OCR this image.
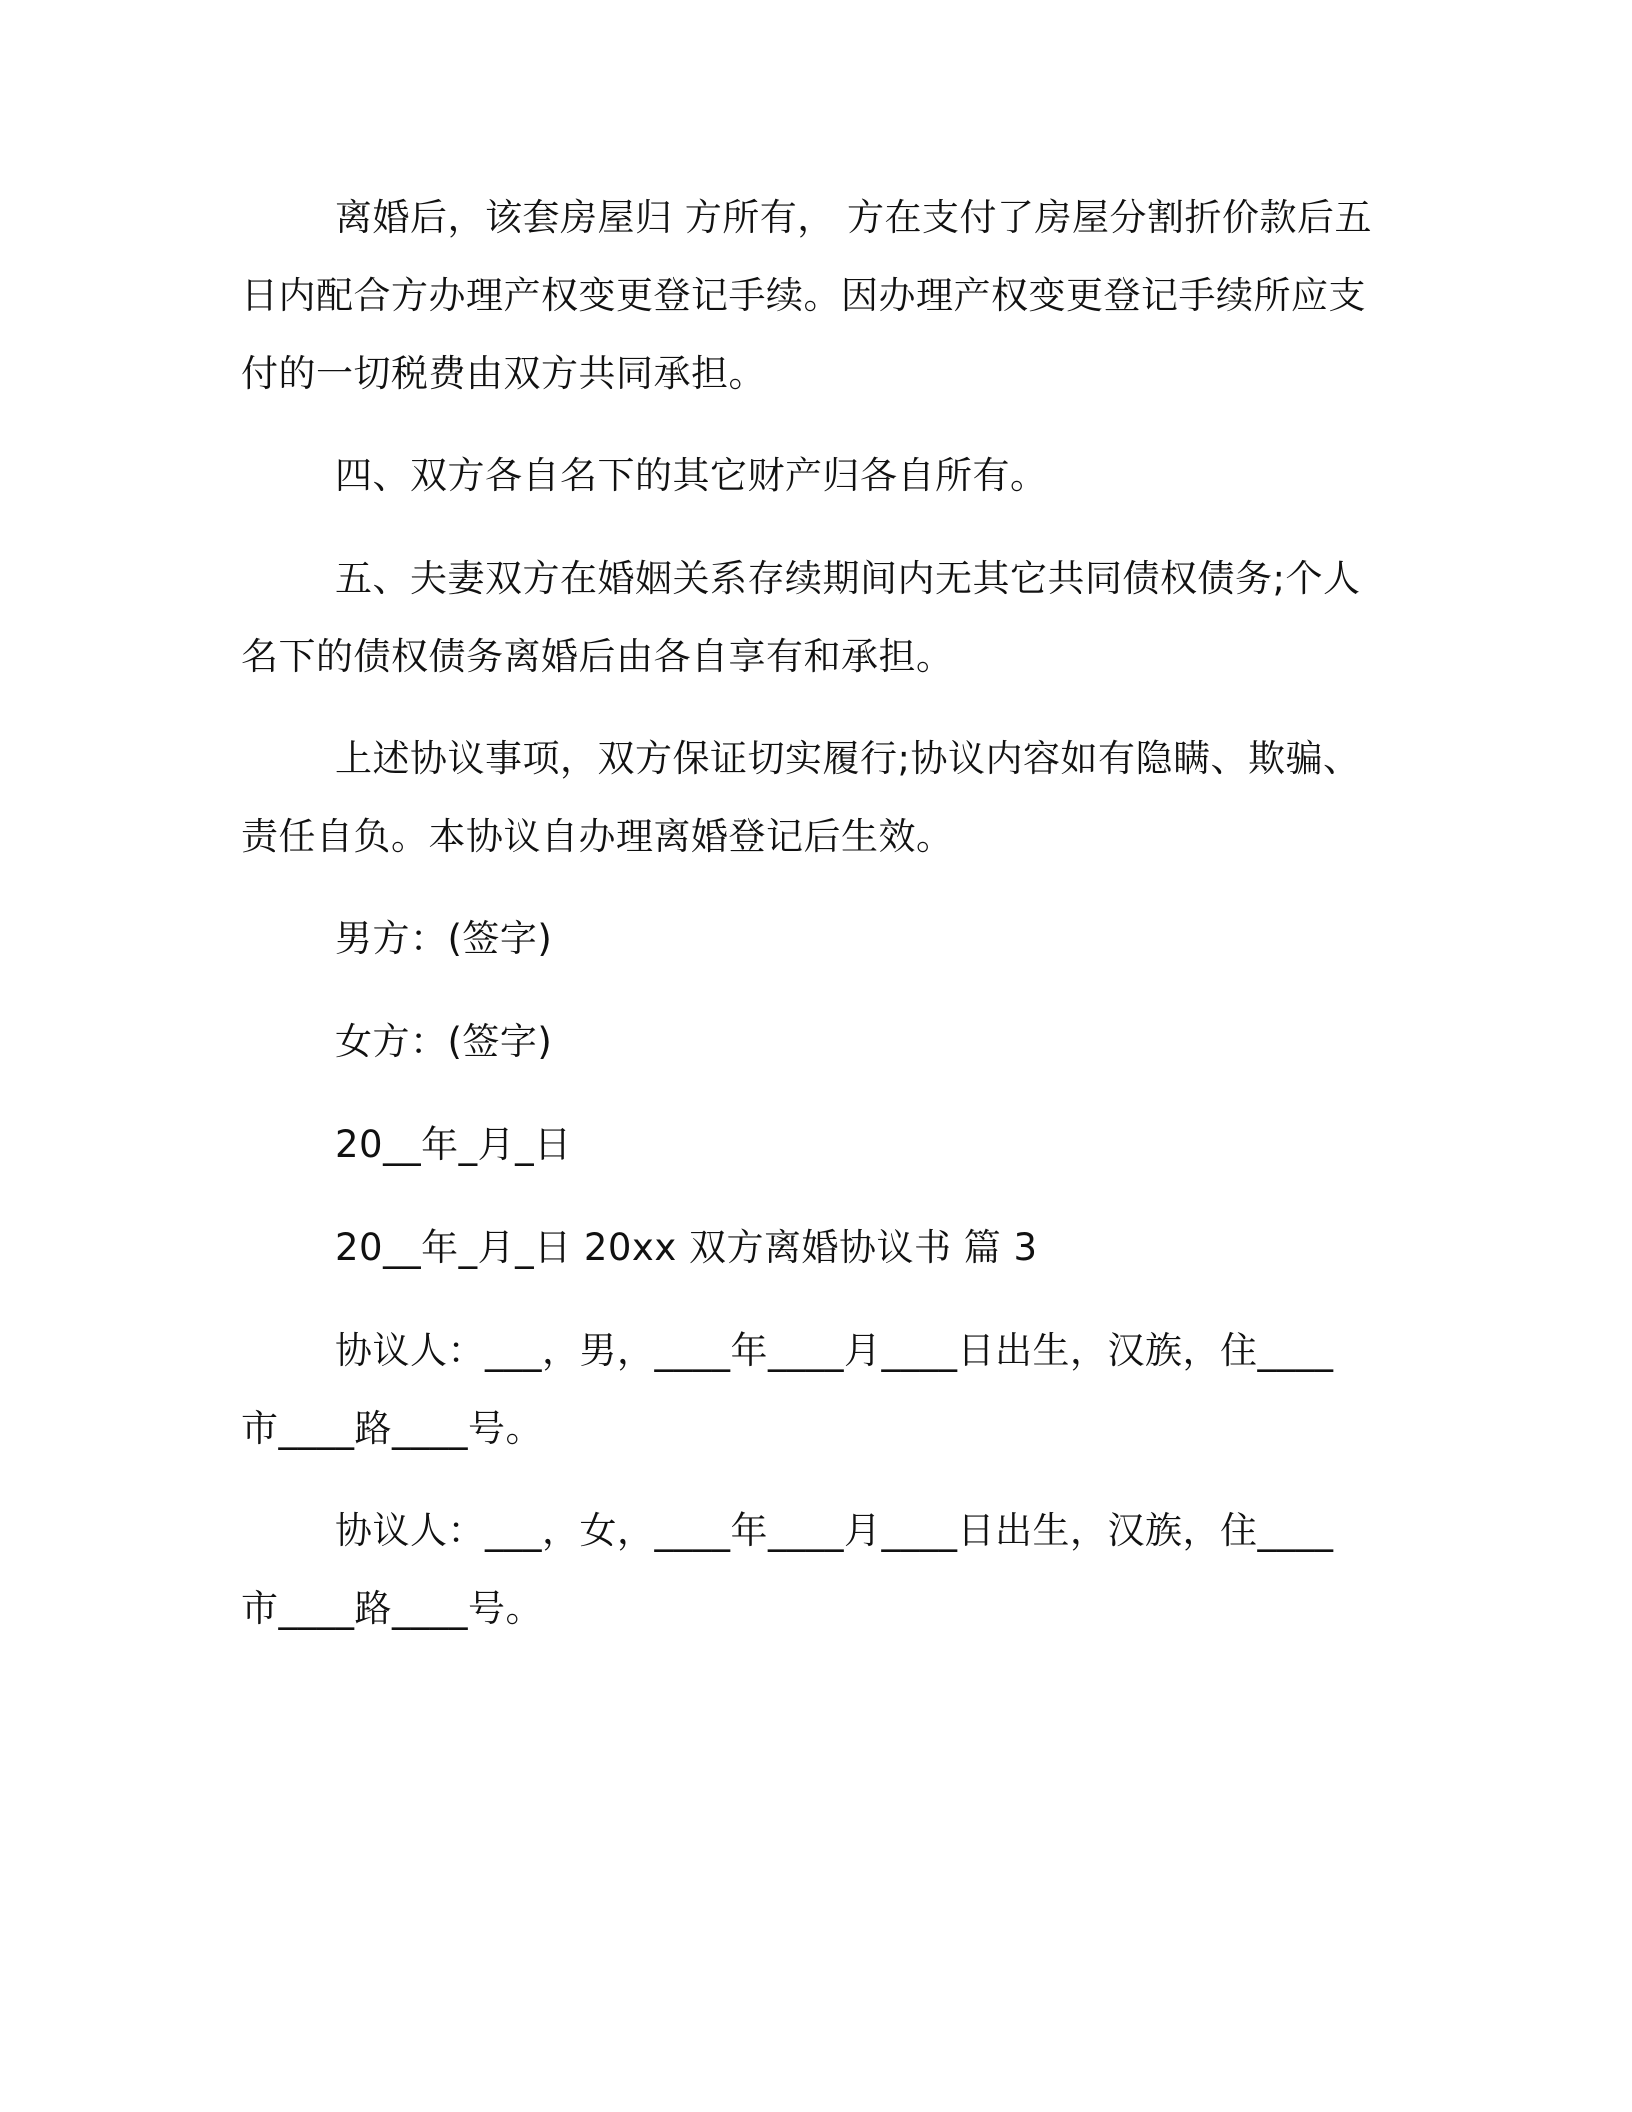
离婚后，该套房屋归 方所有， 方在支付了房屋分割折价款后五
日内配合方办理产权变更登记手续。因办理产权变更登记手续所应支
付的一切税费由双方共同承担。
四、双方各自名下的其它财产归各自所有。
五、夫妻双方在婚姻关系存续期间内无其它共同债权债务;个人
名下的债权债务离婚后由各自享有和承担。
上述协议事项，双方保证切实履行;协议内容如有隐瞒、欺骗、
责任自负。本协议自办理离婚登记后生效。
男方：(签字)
女方：(签字)
20__年_月_日
20__年_月_日 20xx 双方离婚协议书 篇 3
协议人：___，男，____年____月____日出生，汉族，住____
市____路____号。
协议人：___，女，____年____月____日出生，汉族，住____
市____路____号。
